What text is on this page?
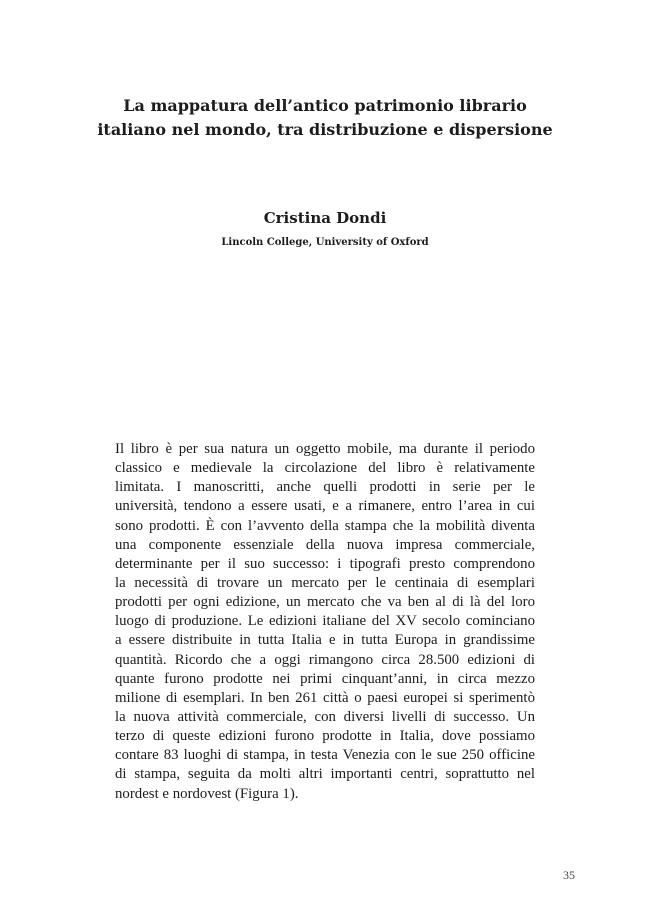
La mappatura dell’antico patrimonio librario
italiano nel mondo, tra distribuzione e dispersione
Cristina Dondi
Lincoln College, University of Oxford
Il libro è per sua natura un oggetto mobile, ma durante il periodo
classico e medievale la circolazione del libro è relativamente
limitata. I manoscritti, anche quelli prodotti in serie per le
università, tendono a essere usati, e a rimanere, entro l’area in cui
sono prodotti. È con l’avvento della stampa che la mobilità diventa
una componente essenziale della nuova impresa commerciale,
determinante per il suo successo: i tipografi presto comprendono
la necessità di trovare un mercato per le centinaia di esemplari
prodotti per ogni edizione, un mercato che va ben al di là del loro
luogo di produzione. Le edizioni italiane del XV secolo cominciano
a essere distribuite in tutta Italia e in tutta Europa in grandissime
quantità. Ricordo che a oggi rimangono circa 28.500 edizioni di
quante furono prodotte nei primi cinquant’anni, in circa mezzo
milione di esemplari. In ben 261 città o paesi europei si sperimentò
la nuova attività commerciale, con diversi livelli di successo. Un
terzo di queste edizioni furono prodotte in Italia, dove possiamo
contare 83 luoghi di stampa, in testa Venezia con le sue 250 officine
di stampa, seguita da molti altri importanti centri, soprattutto nel
nordest e nordovest (Figura 1).
35
